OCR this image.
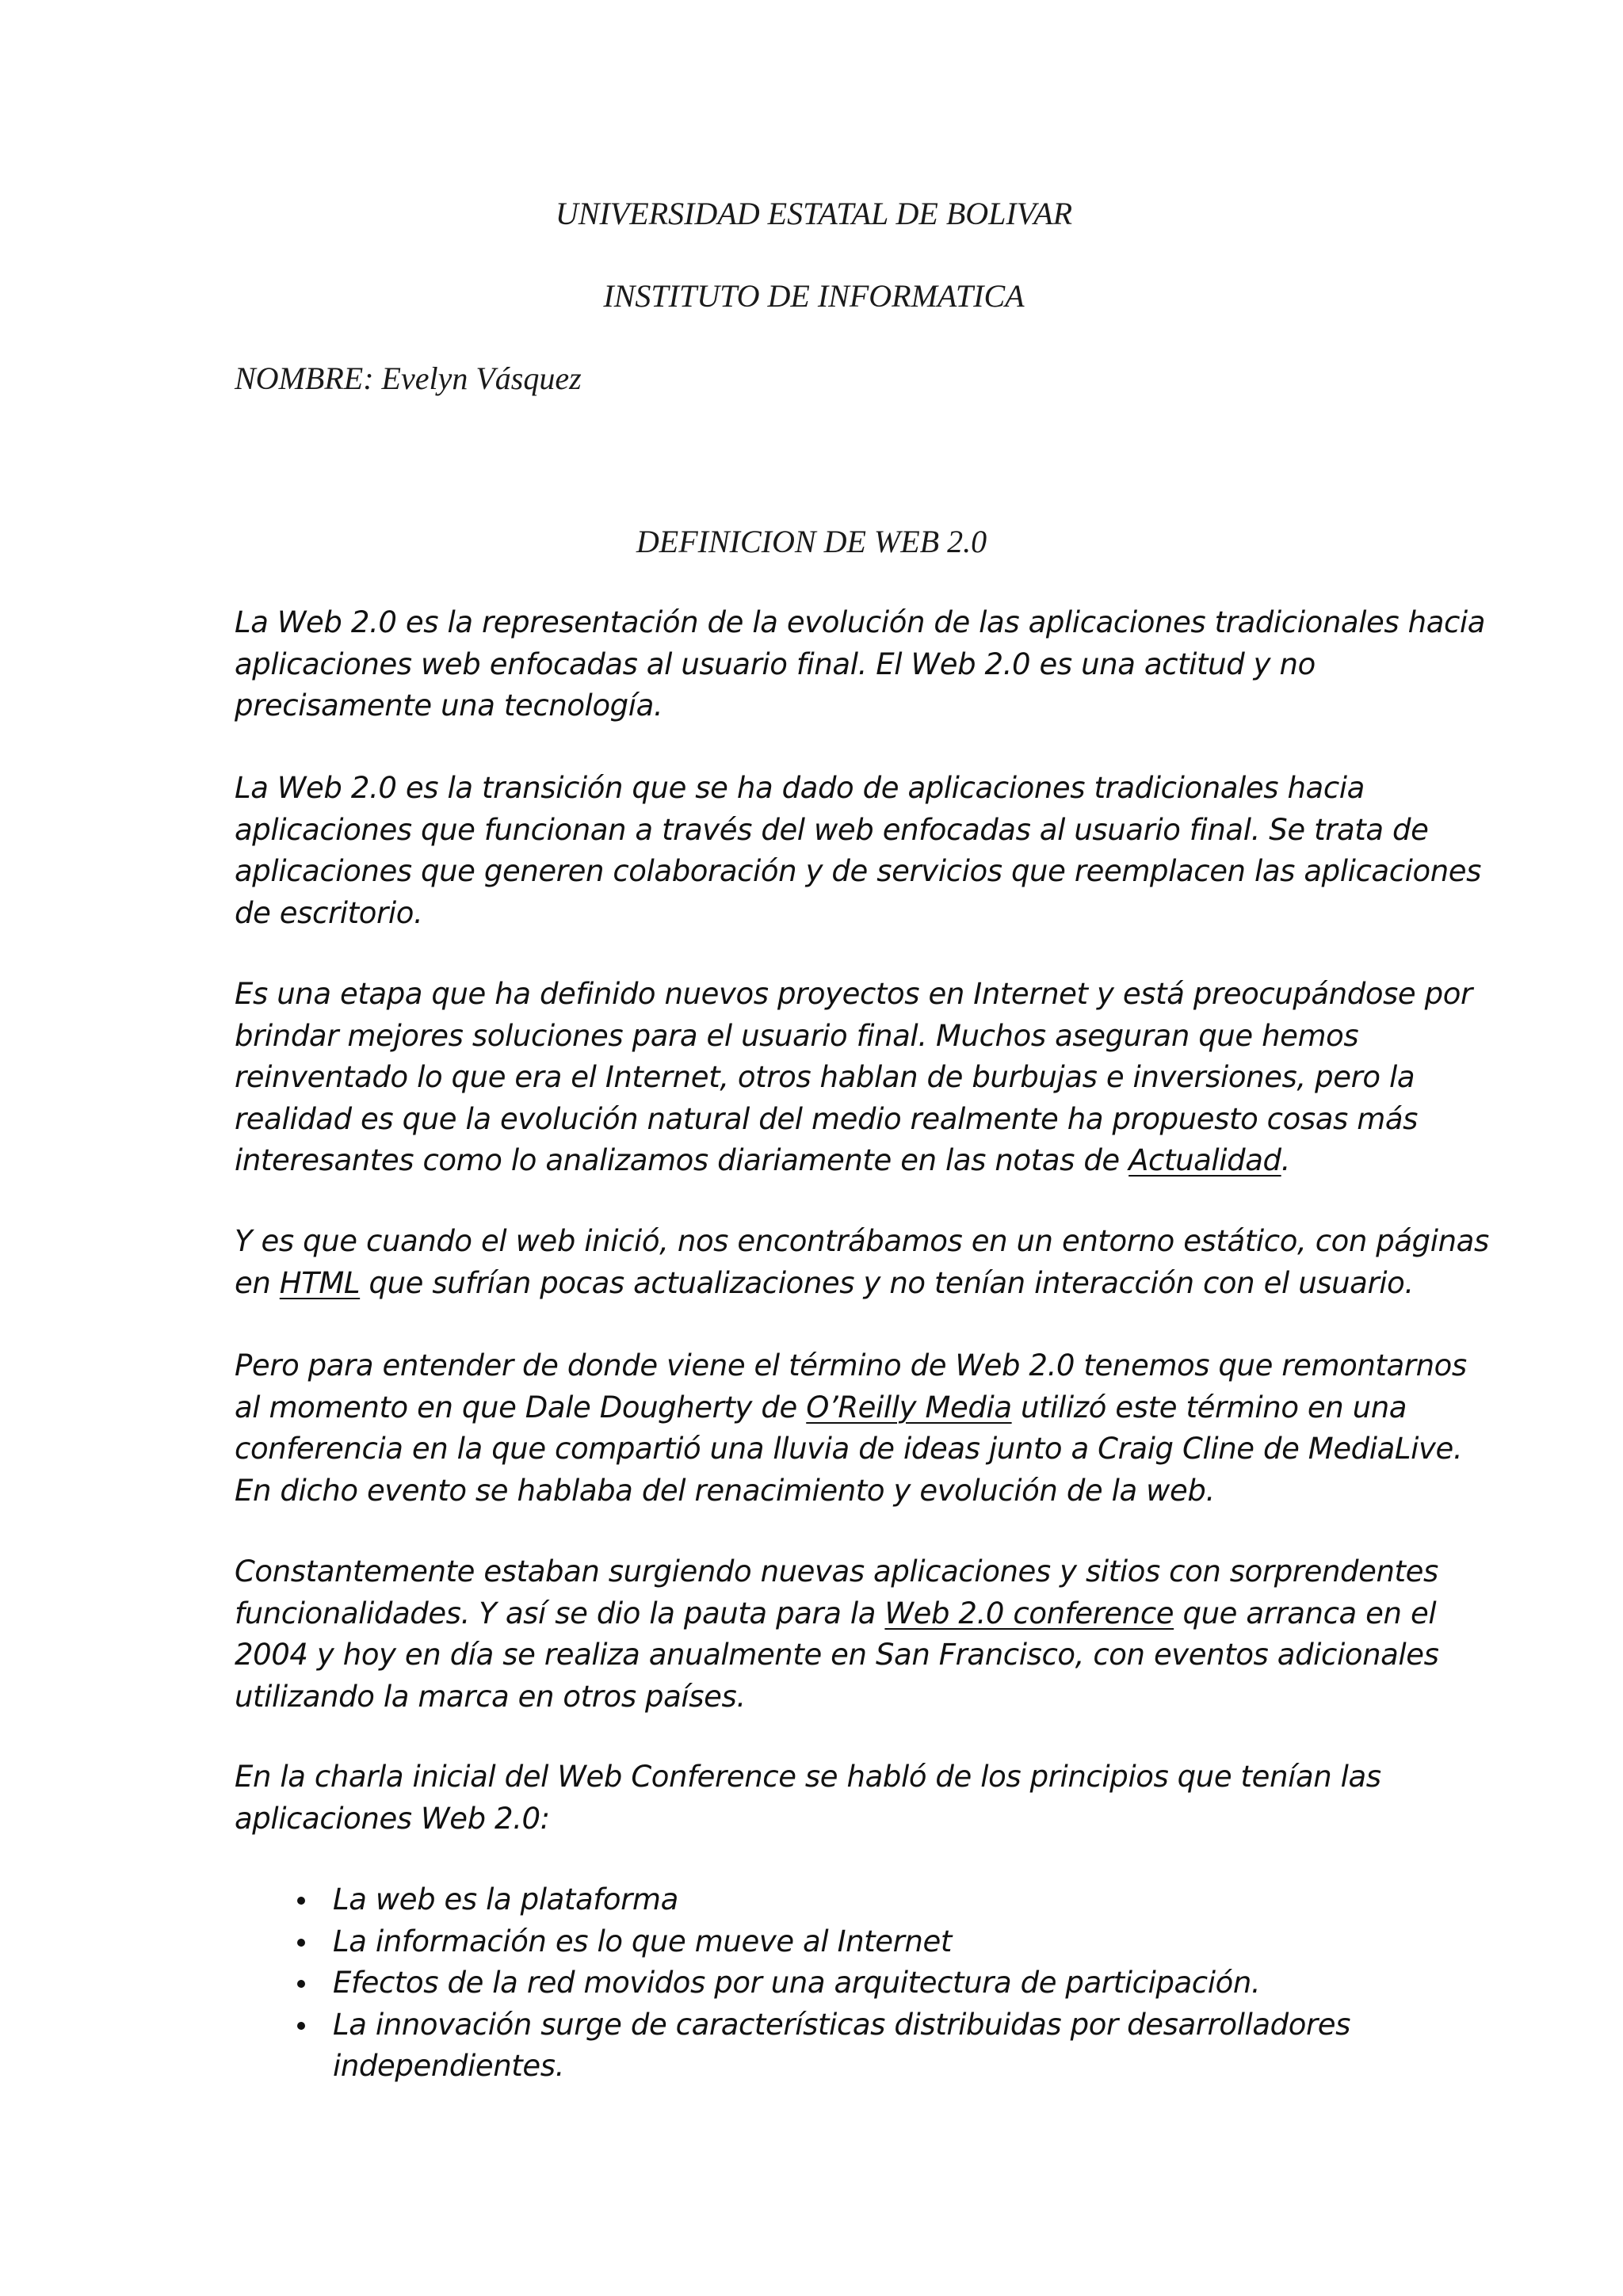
UNIVERSIDAD ESTATAL DE BOLIVAR

INSTITUTO DE INFORMATICA

NOMBRE: Evelyn Vásquez

DEFINICION DE WEB 2.0

La Web 2.0 es la representación de la evolución de las aplicaciones tradicionales hacia
aplicaciones web enfocadas al usuario final. El Web 2.0 es una actitud y no
precisamente una tecnología.

La Web 2.0 es la transición que se ha dado de aplicaciones tradicionales hacia
aplicaciones que funcionan a través del web enfocadas al usuario final. Se trata de
aplicaciones que generen colaboración y de servicios que reemplacen las aplicaciones
de escritorio.

Es una etapa que ha definido nuevos proyectos en Internet y está preocupándose por
brindar mejores soluciones para el usuario final. Muchos aseguran que hemos
reinventado lo que era el Internet, otros hablan de burbujas e inversiones, pero la
realidad es que la evolución natural del medio realmente ha propuesto cosas más
interesantes como lo analizamos diariamente en las notas de Actualidad.

Y es que cuando el web inició, nos encontrábamos en un entorno estático, con páginas
en HTML que sufrían pocas actualizaciones y no tenían interacción con el usuario.

Pero para entender de donde viene el término de Web 2.0 tenemos que remontarnos
al momento en que Dale Dougherty de O’Reilly Media utilizó este término en una
conferencia en la que compartió una lluvia de ideas junto a Craig Cline de MediaLive.
En dicho evento se hablaba del renacimiento y evolución de la web.

Constantemente estaban surgiendo nuevas aplicaciones y sitios con sorprendentes
funcionalidades. Y así se dio la pauta para la Web 2.0 conference que arranca en el
2004 y hoy en día se realiza anualmente en San Francisco, con eventos adicionales
utilizando la marca en otros países.

En la charla inicial del Web Conference se habló de los principios que tenían las
aplicaciones Web 2.0:

La web es la plataforma
La información es lo que mueve al Internet
Efectos de la red movidos por una arquitectura de participación.
La innovación surge de características distribuidas por desarrolladores
independientes.
